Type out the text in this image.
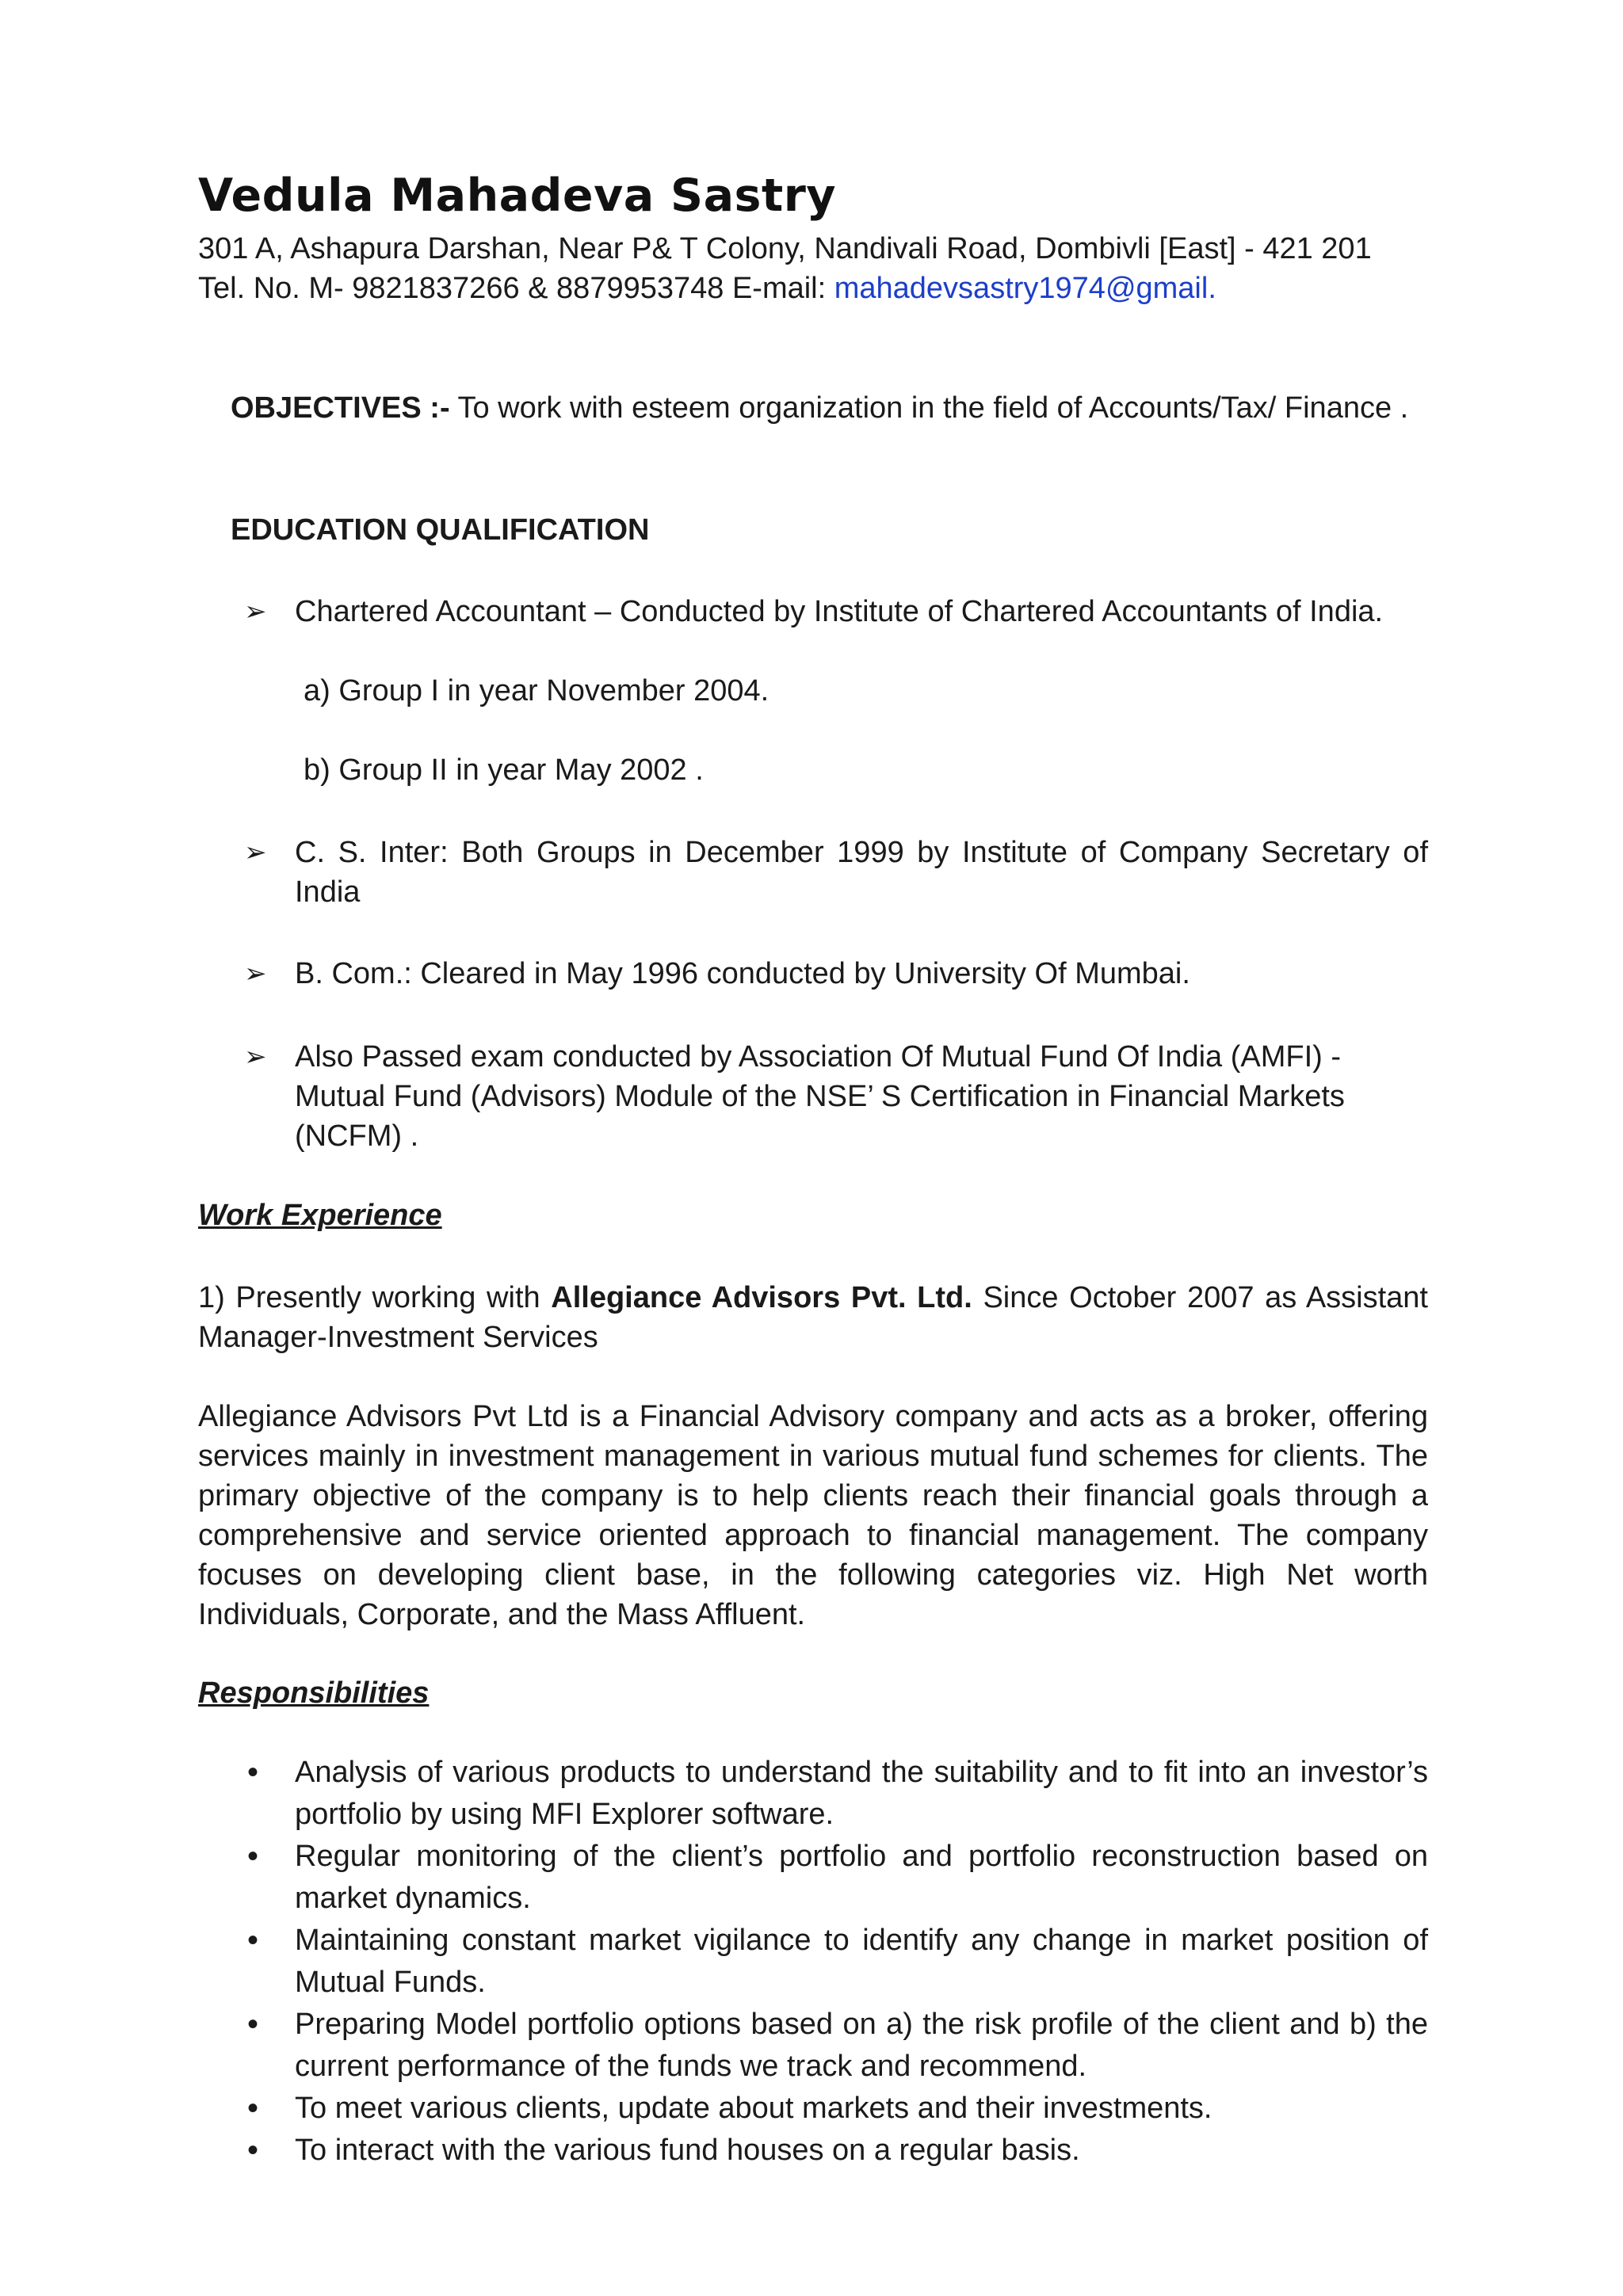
Vedula Mahadeva Sastry
301 A, Ashapura Darshan, Near P& T Colony, Nandivali Road, Dombivli [East] - 421 201
Tel. No. M- 9821837266 & 8879953748 E-mail: mahadevsastry1974@gmail.
OBJECTIVES :- To work with esteem organization in the field of Accounts/Tax/ Finance .
EDUCATION QUALIFICATION
➢ Chartered Accountant – Conducted by Institute of Chartered Accountants of India.
a) Group I in year November 2004.
b) Group II in year May 2002 .
➢ C. S. Inter: Both Groups in December 1999 by Institute of Company Secretary of India
➢ B. Com.: Cleared in May 1996 conducted by University Of Mumbai.
➢ Also Passed exam conducted by Association Of Mutual Fund Of India (AMFI) - Mutual Fund (Advisors) Module of the NSE’ S Certification in Financial Markets (NCFM) .
Work Experience
1) Presently working with Allegiance Advisors Pvt. Ltd. Since October 2007 as Assistant Manager-Investment Services
Allegiance Advisors Pvt Ltd is a Financial Advisory company and acts as a broker, offering services mainly in investment management in various mutual fund schemes for clients. The primary objective of the company is to help clients reach their financial goals through a comprehensive and service oriented approach to financial management. The company focuses on developing client base, in the following categories viz. High Net worth Individuals, Corporate, and the Mass Affluent.
Responsibilities
• Analysis of various products to understand the suitability and to fit into an investor’s portfolio by using MFI Explorer software.
• Regular monitoring of the client’s portfolio and portfolio reconstruction based on market dynamics.
• Maintaining constant market vigilance to identify any change in market position of Mutual Funds.
• Preparing Model portfolio options based on a) the risk profile of the client and b) the current performance of the funds we track and recommend.
• To meet various clients, update about markets and their investments.
• To interact with the various fund houses on a regular basis.
